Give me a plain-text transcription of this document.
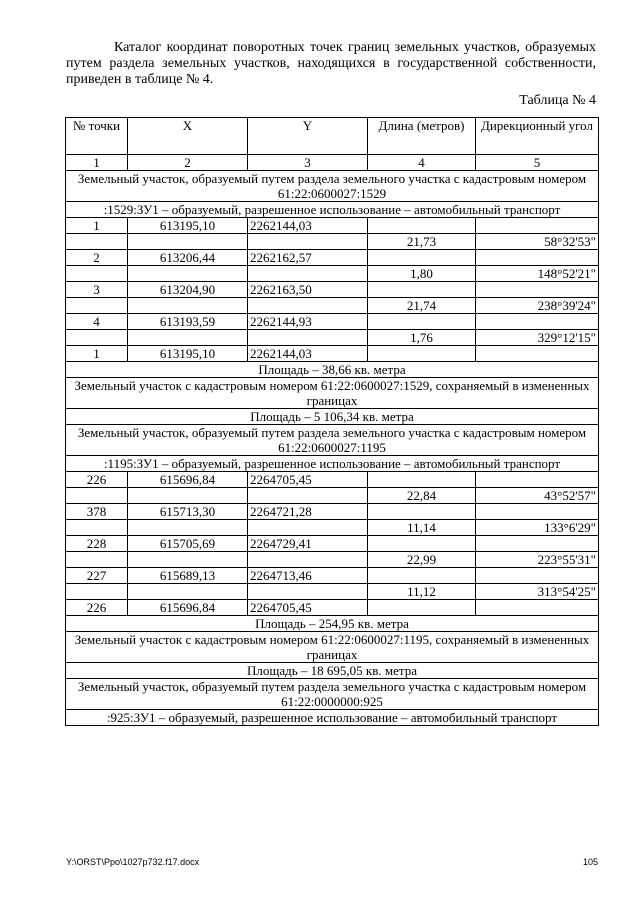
Каталог координат поворотных точек границ земельных участков, образуемых путем раздела земельных участков, находящихся в государственной собственности, приведен в таблице № 4.
Таблица № 4
№ точки	X	Y	Длина (метров)	Дирекционный угол
1	2	3	4	5
Земельный участок, образуемый путем раздела земельного участка с кадастровым номером 61:22:0600027:1529				
:1529:ЗУ1 – образуемый, разрешенное использование – автомобильный транспорт				
1	613195,10	2262144,03		
			21,73	58°32'53"
2	613206,44	2262162,57		
			1,80	148°52'21"
3	613204,90	2262163,50		
			21,74	238°39'24"
4	613193,59	2262144,93		
			1,76	329°12'15"
1	613195,10	2262144,03		
Площадь – 38,66 кв. метра				
Земельный участок с кадастровым номером 61:22:0600027:1529, сохраняемый в измененных границах				
Площадь – 5 106,34 кв. метра				
Земельный участок, образуемый путем раздела земельного участка с кадастровым номером 61:22:0600027:1195				
:1195:ЗУ1 – образуемый, разрешенное использование – автомобильный транспорт				
226	615696,84	2264705,45		
			22,84	43°52'57"
378	615713,30	2264721,28		
			11,14	133°6'29"
228	615705,69	2264729,41		
			22,99	223°55'31"
227	615689,13	2264713,46		
			11,12	313°54'25"
226	615696,84	2264705,45		
Площадь – 254,95 кв. метра				
Земельный участок с кадастровым номером 61:22:0600027:1195, сохраняемый в измененных границах				
Площадь – 18 695,05 кв. метра				
Земельный участок, образуемый путем раздела земельного участка с кадастровым номером 61:22:0000000:925				
:925:ЗУ1 – образуемый, разрешенное использование – автомобильный транспорт				
Y:\ORST\Ppo\1027p732.f17.docx	105
